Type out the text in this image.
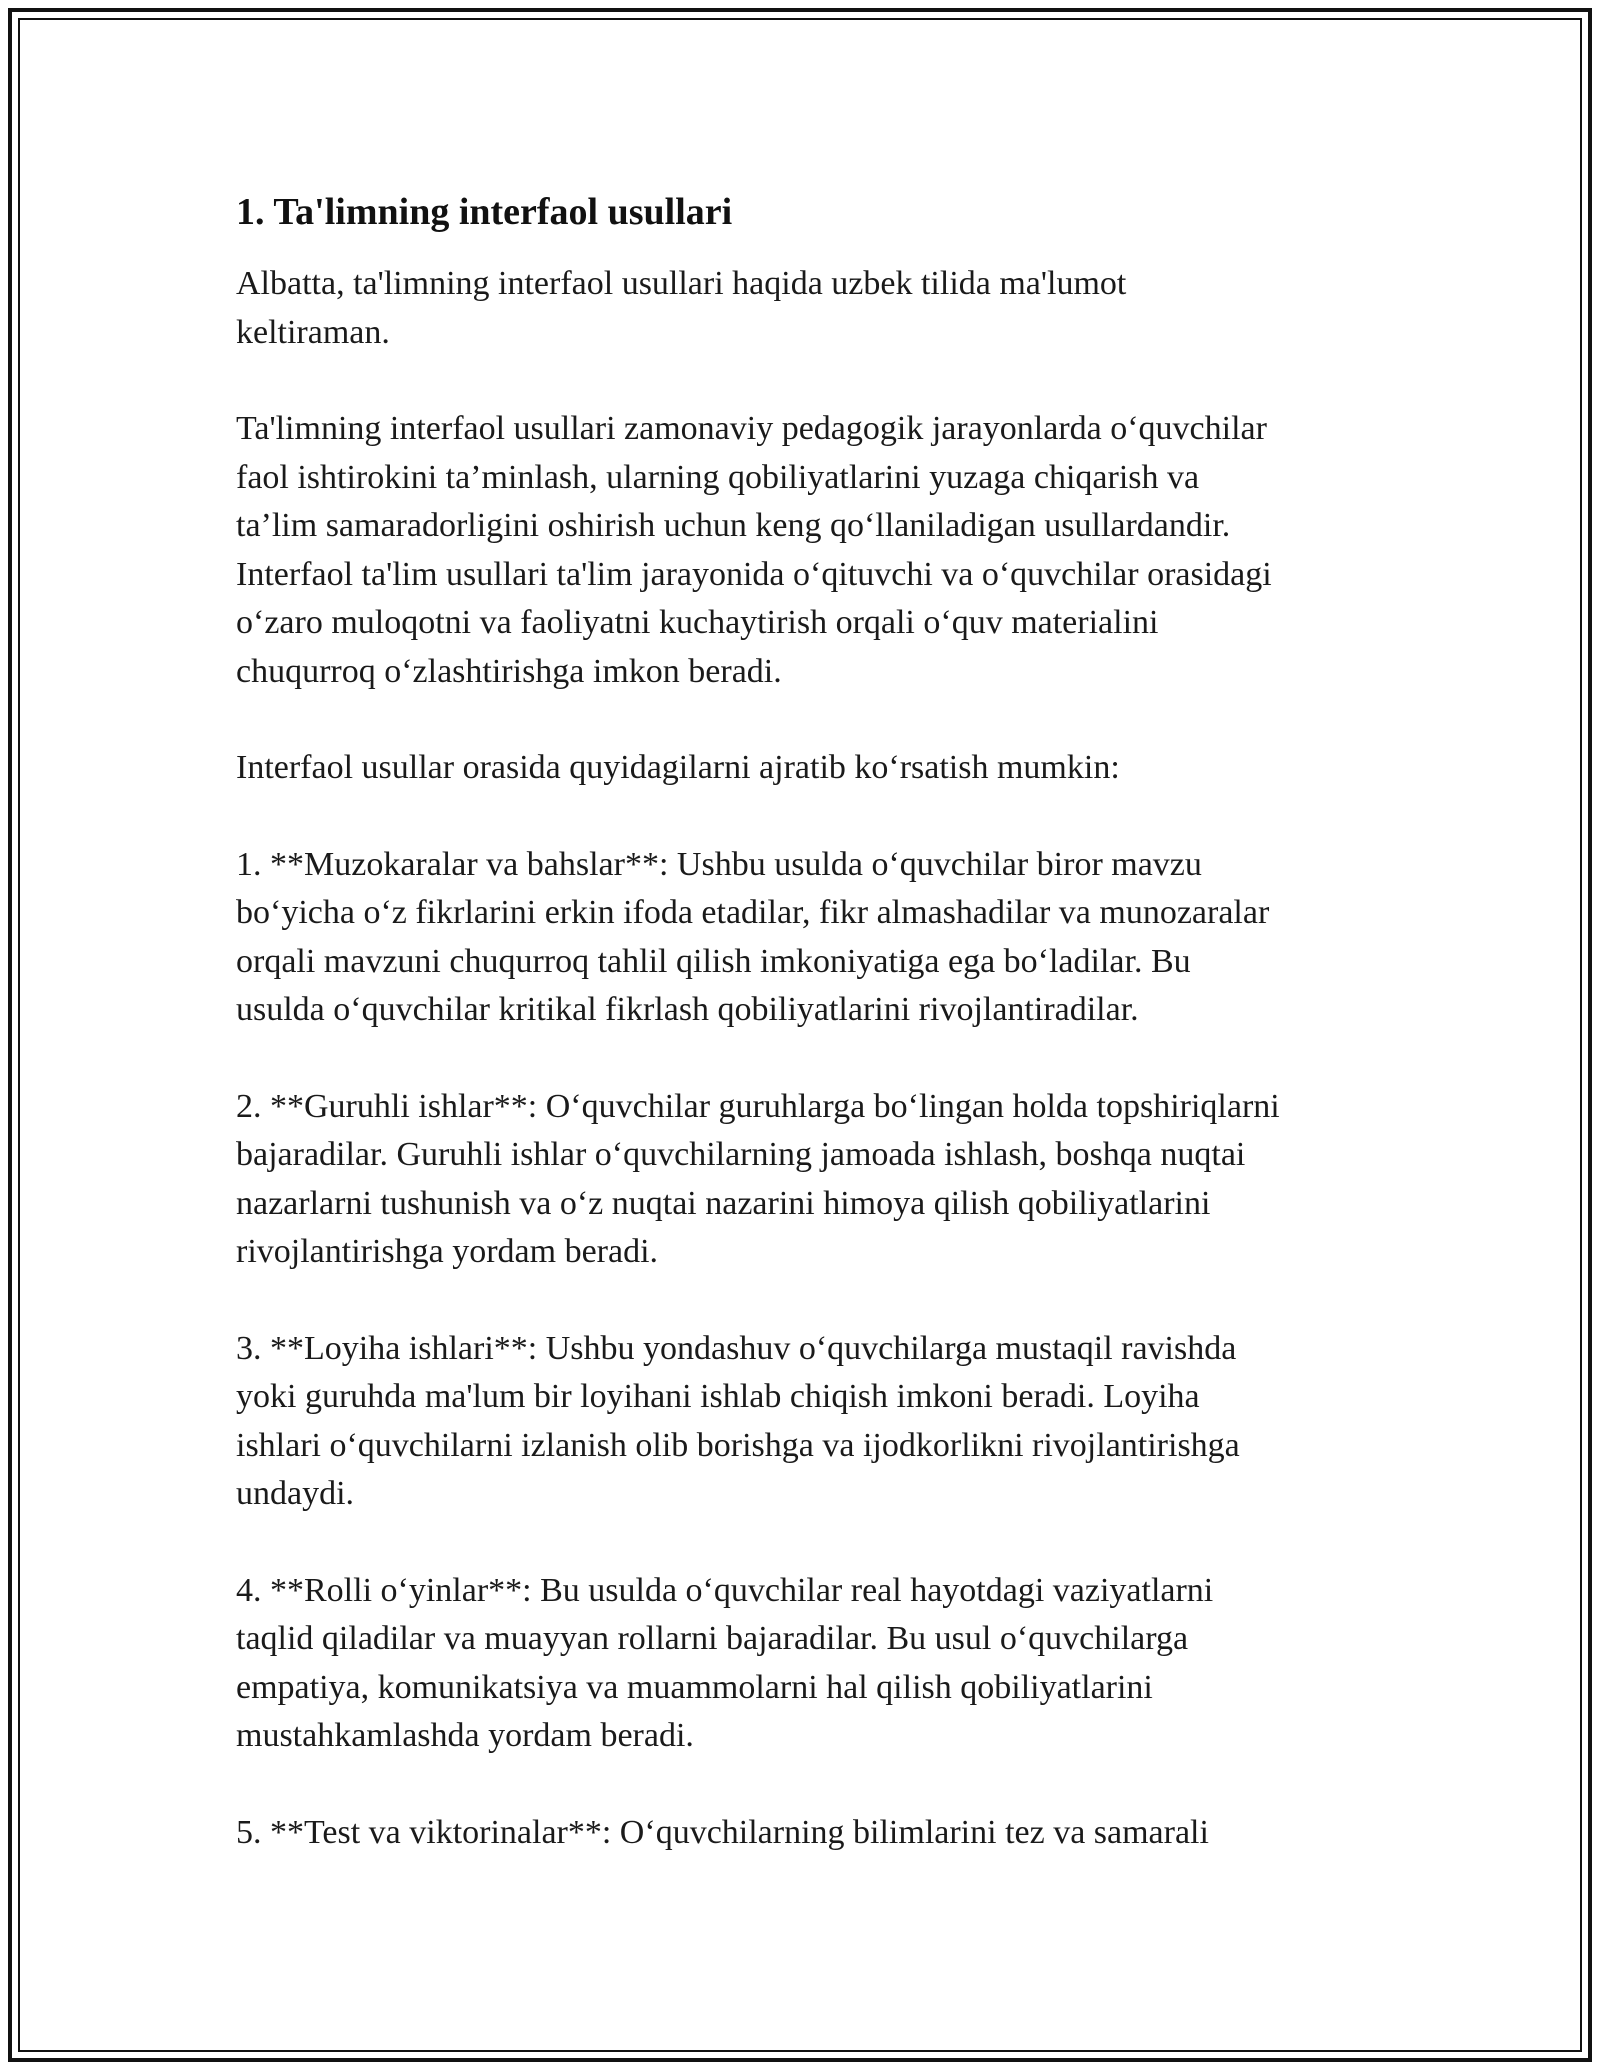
1. Ta'limning interfaol usullari

Albatta, ta'limning interfaol usullari haqida uzbek tilida ma'lumot
keltiraman.

Ta'limning interfaol usullari zamonaviy pedagogik jarayonlarda o‘quvchilar
faol ishtirokini ta’minlash, ularning qobiliyatlarini yuzaga chiqarish va
ta’lim samaradorligini oshirish uchun keng qo‘llaniladigan usullardandir.
Interfaol ta'lim usullari ta'lim jarayonida o‘qituvchi va o‘quvchilar orasidagi
o‘zaro muloqotni va faoliyatni kuchaytirish orqali o‘quv materialini
chuqurroq o‘zlashtirishga imkon beradi.

Interfaol usullar orasida quyidagilarni ajratib ko‘rsatish mumkin:

1. **Muzokaralar va bahslar**: Ushbu usulda o‘quvchilar biror mavzu
bo‘yicha o‘z fikrlarini erkin ifoda etadilar, fikr almashadilar va munozaralar
orqali mavzuni chuqurroq tahlil qilish imkoniyatiga ega bo‘ladilar. Bu
usulda o‘quvchilar kritikal fikrlash qobiliyatlarini rivojlantiradilar.

2. **Guruhli ishlar**: O‘quvchilar guruhlarga bo‘lingan holda topshiriqlarni
bajaradilar. Guruhli ishlar o‘quvchilarning jamoada ishlash, boshqa nuqtai
nazarlarni tushunish va o‘z nuqtai nazarini himoya qilish qobiliyatlarini
rivojlantirishga yordam beradi.

3. **Loyiha ishlari**: Ushbu yondashuv o‘quvchilarga mustaqil ravishda
yoki guruhda ma'lum bir loyihani ishlab chiqish imkoni beradi. Loyiha
ishlari o‘quvchilarni izlanish olib borishga va ijodkorlikni rivojlantirishga
undaydi.

4. **Rolli o‘yinlar**: Bu usulda o‘quvchilar real hayotdagi vaziyatlarni
taqlid qiladilar va muayyan rollarni bajaradilar. Bu usul o‘quvchilarga
empatiya, komunikatsiya va muammolarni hal qilish qobiliyatlarini
mustahkamlashda yordam beradi.

5. **Test va viktorinalar**: O‘quvchilarning bilimlarini tez va samarali
